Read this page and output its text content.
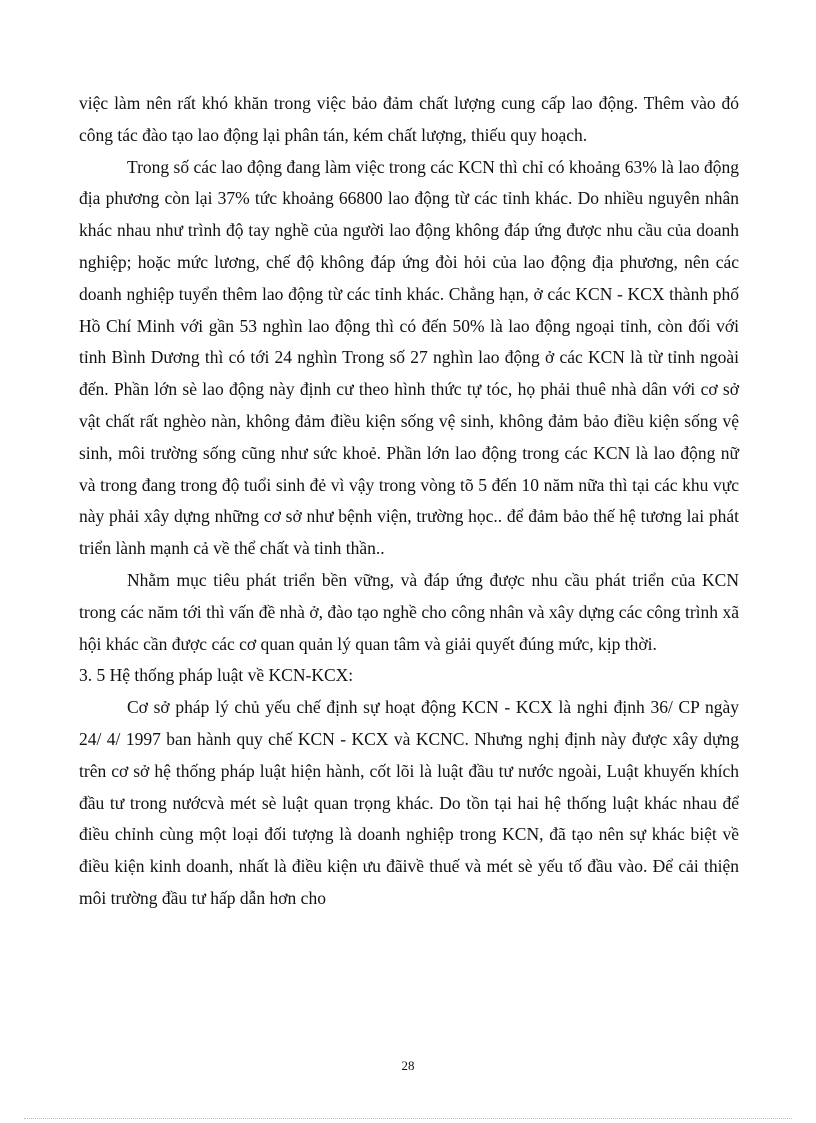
việc làm nên rất khó khăn trong việc bảo đảm chất lượng cung cấp lao động. Thêm vào đó công tác đào tạo lao động lại phân tán, kém chất lượng, thiếu quy hoạch.

Trong số các lao động đang làm việc trong các KCN thì chỉ có khoảng 63% là lao động địa phương còn lại 37% tức khoảng 66800 lao động từ các tỉnh khác. Do nhiều nguyên nhân khác nhau như trình độ tay nghề của người lao động không đáp ứng được nhu cầu của doanh nghiệp; hoặc mức lương, chế độ không đáp ứng đòi hỏi của lao động địa phương, nên các doanh nghiệp tuyển thêm lao động từ các tỉnh khác. Chẳng hạn, ở các KCN - KCX thành phố Hồ Chí Minh với gần 53 nghìn lao động thì có đến 50% là lao động ngoại tỉnh, còn đối với tỉnh Bình Dương thì có tới 24 nghìn Trong số 27 nghìn lao động ở các KCN là từ tỉnh ngoài đến. Phần lớn sè lao động này định cư theo hình thức tự tóc, họ phải thuê nhà dân với cơ sở vật chất rất nghèo nàn, không đảm điều kiện sống vệ sinh, không đảm bảo điều kiện sống vệ sinh, môi trường sống cũng như sức khoẻ. Phần lớn lao động trong các KCN là lao động nữ và trong đang trong độ tuổi sinh đẻ vì vậy trong vòng tõ 5 đến 10 năm nữa thì tại các khu vực này phải xây dựng những cơ sở như bệnh viện, trường học.. để đảm bảo thế hệ tương lai phát triển lành mạnh cả về thể chất và tinh thần..

Nhằm mục tiêu phát triển bền vững, và đáp ứng được nhu cầu phát triển của KCN trong các năm tới thì vấn đề nhà ở, đào tạo nghề cho công nhân và xây dựng các công trình xã hội khác cần được các cơ quan quản lý quan tâm và giải quyết đúng mức, kịp thời.

3. 5 Hệ thống pháp luật về KCN-KCX:

Cơ sở pháp lý chủ yếu chế định sự hoạt động KCN - KCX là nghi định 36/ CP ngày 24/ 4/ 1997 ban hành quy chế KCN - KCX và KCNC. Nhưng nghị định này được xây dựng trên cơ sở hệ thống pháp luật hiện hành, cốt lõi là luật đầu tư nước ngoài, Luật khuyến khích đầu tư trong nướcvà mét sè luật quan trọng khác. Do tồn tại hai hệ thống luật khác nhau để điều chỉnh cùng một loại đối tượng là doanh nghiệp trong KCN, đã tạo nên sự khác biệt về điều kiện kinh doanh, nhất là điều kiện ưu đãivề thuế và mét sè yếu tố đầu vào. Để cải thiện môi trường đầu tư hấp dẫn hơn cho

28
